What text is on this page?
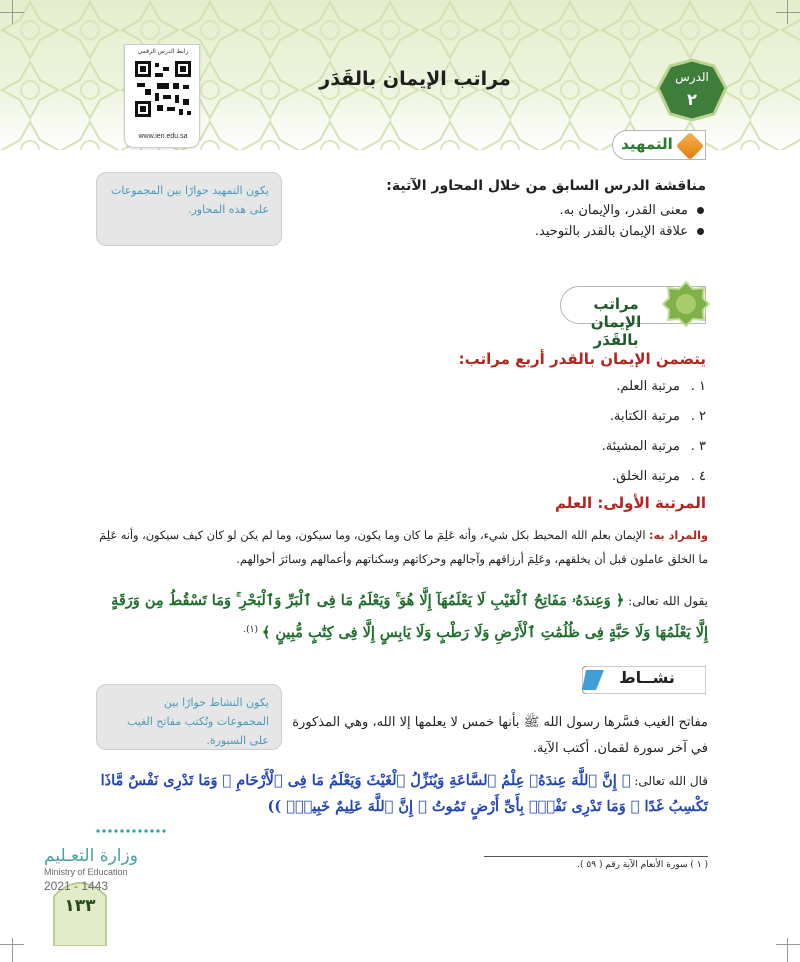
مراتب الإيمان بالقَدَر
رابط الدرس الرقمي
www.ien.edu.sa
الدرس
٢
التمهيد
يكون التمهيد حوارًا بين المجموعات على هذه المحاور.
مناقشة الدرس السابق من خلال المحاور الآتية:
معنى القدر، والإيمان به.
علاقة الإيمان بالقدر بالتوحيد.
مراتب الإيمان بالقَدَر
يتضمن الإيمان بالقدر أربع مراتب:
١ .مرتبة العلم.
٢ .مرتبة الكتابة.
٣ .مرتبة المشيئة.
٤ .مرتبة الخلق.
المرتبة الأولى: العلم

والمراد به: الإيمان بعلم الله المحيط بكل شيء، وأنه عَلِمَ ما كان وما يكون، وما سيكون، وما لم يكن لو كان كيف سيكون، وأنه عَلِمَ ما الخلق عاملون قبل أن يخلقهم، وعَلِمَ أرزاقهم وآجالهم وحركاتهم وسكناتهم وأعمالهم وسائرَ أحوالهم.

يقول الله تعالى: ﴿ وَعِندَهُۥ مَفَاتِحُ ٱلْغَيْبِ لَا يَعْلَمُهَآ إِلَّا هُوَ ۚ وَيَعْلَمُ مَا فِى ٱلْبَرِّ وَٱلْبَحْرِ ۚ وَمَا تَسْقُطُ مِن وَرَقَةٍ إِلَّا يَعْلَمُهَا وَلَا حَبَّةٍ فِى ظُلُمَٰتِ ٱلْأَرْضِ وَلَا رَطْبٍ وَلَا يَابِسٍ إِلَّا فِى كِتَٰبٍ مُّبِينٍ ﴾ $^{(١).}$

نشــاط
يكون النشاط حوارًا بين المجموعات وتُكتب مفاتح الغيب على السبورة.

مفاتح الغيب فسَّرها رسول الله ﷺ بأنها خمس لا يعلمها إلا الله، وهي المذكورة في آخر سورة لقمان. أكتب الآية.

قال الله تعالى: ﴿ إِنَّ ٱللَّهَ عِندَهُۥ عِلْمُ ٱلسَّاعَةِ وَيُنَزِّلُ ٱلْغَيْثَ وَيَعْلَمُ مَا فِى ٱلْأَرْحَامِ ۖ وَمَا تَدْرِى نَفْسٌ مَّاذَا تَكْسِبُ غَدًا ۖ وَمَا تَدْرِى نَفْسٌۢ بِأَىِّ أَرْضٍ تَمُوتُ ۚ إِنَّ ٱللَّهَ عَلِيمٌ خَبِيرٌۢ ))

( ١ ) سورة الأنعام الآية رقم ( ٥٩ ).
١٣٣
وزارة التعـليم
Ministry of Education
2021 - 1443
